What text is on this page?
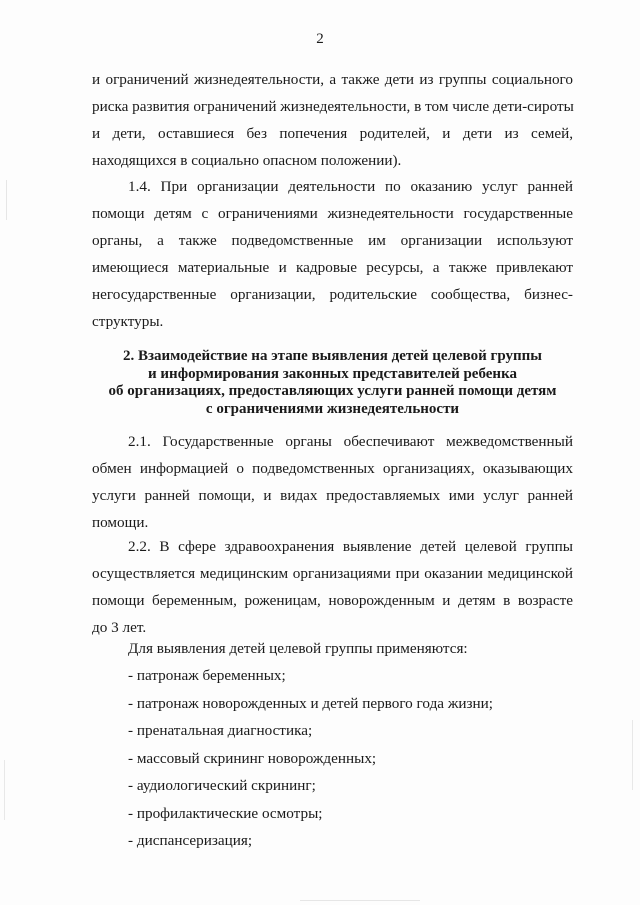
2
и ограничений жизнедеятельности, а также дети из группы социального
риска развития ограничений жизнедеятельности, в том числе дети-сироты
и дети, оставшиеся без попечения родителей, и дети из семей,
находящихся в социально опасном положении).
1.4. При организации деятельности по оказанию услуг ранней
помощи детям с ограничениями жизнедеятельности государственные
органы, а также подведомственные им организации используют
имеющиеся материальные и кадровые ресурсы, а также привлекают
негосударственные организации, родительские сообщества, бизнес-
структуры.
2. Взаимодействие на этапе выявления детей целевой группы
и информирования законных представителей ребенка
об организациях, предоставляющих услуги ранней помощи детям
с ограничениями жизнедеятельности
2.1. Государственные органы обеспечивают межведомственный
обмен информацией о подведомственных организациях, оказывающих
услуги ранней помощи, и видах предоставляемых ими услуг ранней
помощи.
2.2. В сфере здравоохранения выявление детей целевой группы
осуществляется медицинским организациями при оказании медицинской
помощи беременным, роженицам, новорожденным и детям в возрасте
до 3 лет.
Для выявления детей целевой группы применяются:
- патронаж беременных;
- патронаж новорожденных и детей первого года жизни;
- пренатальная диагностика;
- массовый скрининг новорожденных;
- аудиологический скрининг;
- профилактические осмотры;
- диспансеризация;
